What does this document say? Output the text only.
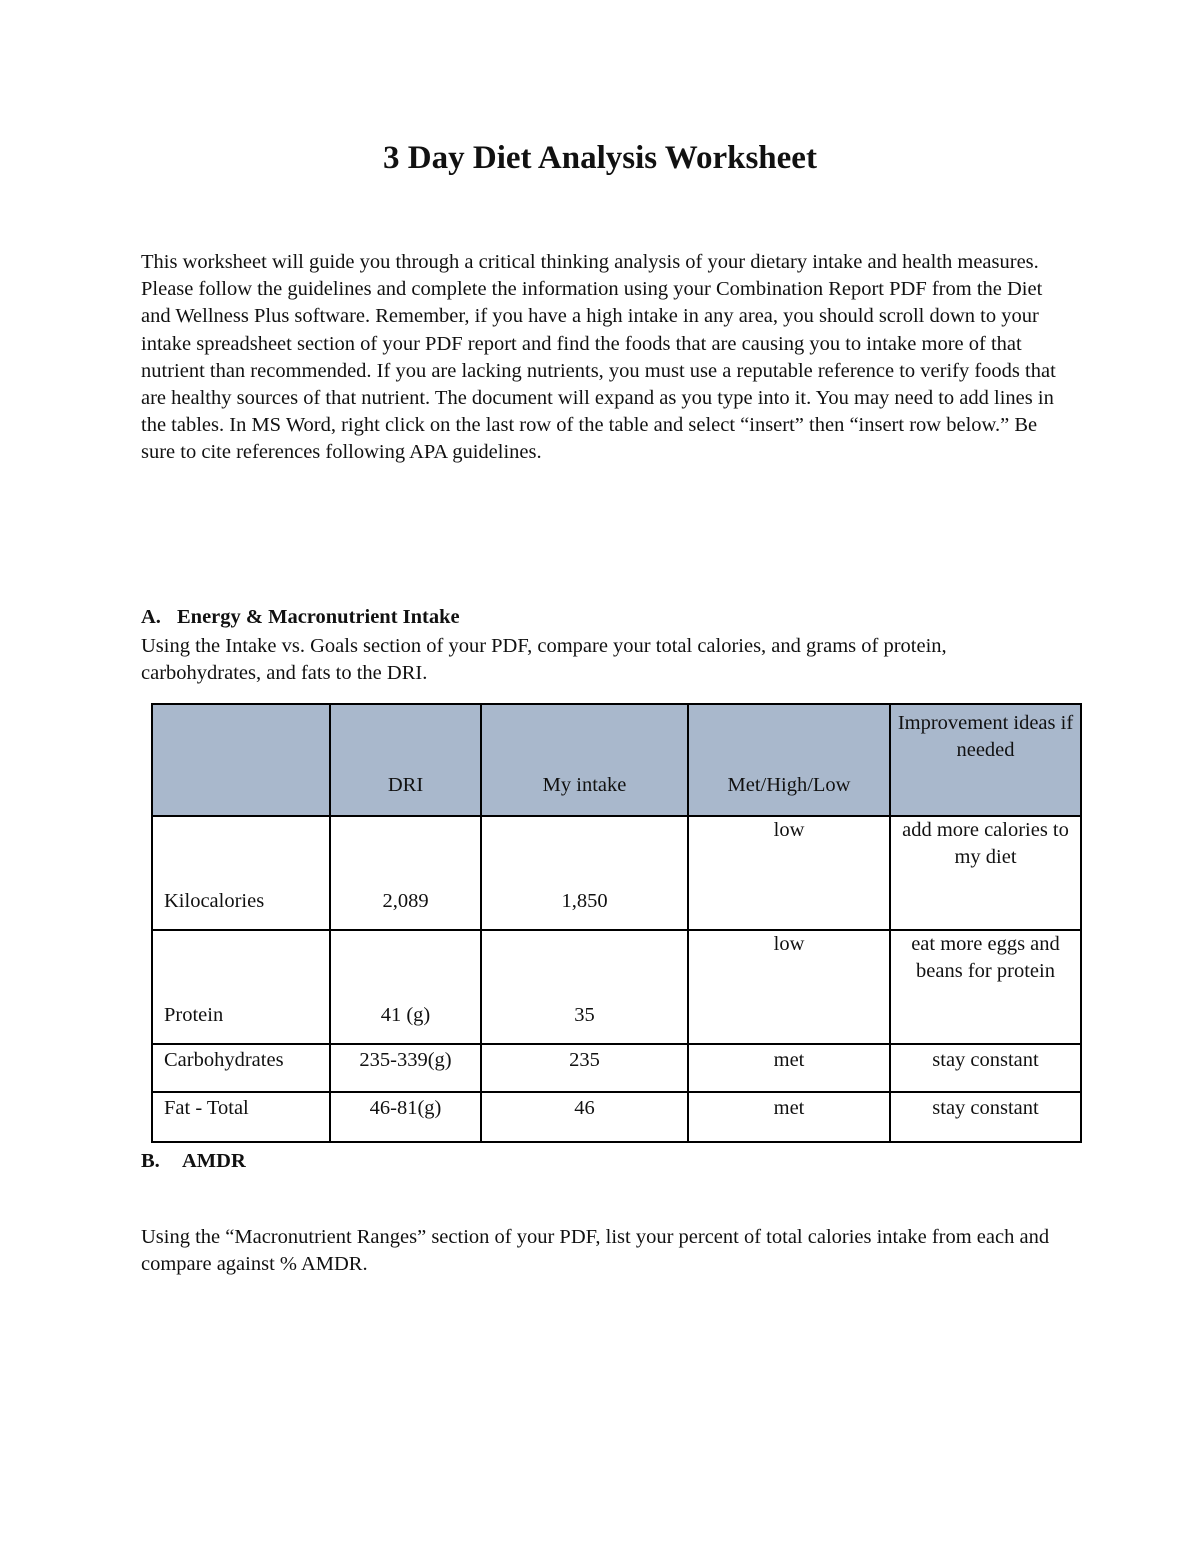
3 Day Diet Analysis Worksheet

This worksheet will guide you through a critical thinking analysis of your dietary intake and health measures. Please follow the guidelines and complete the information using your Combination Report PDF from the Diet and Wellness Plus software. Remember, if you have a high intake in any area, you should scroll down to your intake spreadsheet section of your PDF report and find the foods that are causing you to intake more of that nutrient than recommended. If you are lacking nutrients, you must use a reputable reference to verify foods that are healthy sources of that nutrient. The document will expand as you type into it. You may need to add lines in the tables. In MS Word, right click on the last row of the table and select “insert” then “insert row below.” Be sure to cite references following APA guidelines.

A. Energy & Macronutrient Intake

Using the Intake vs. Goals section of your PDF, compare your total calories, and grams of protein, carbohydrates, and fats to the DRI.

	DRI	My intake	Met/High/Low	Improvement ideas if needed
Kilocalories	2,089	1,850	low	add more calories to my diet
Protein	41 (g)	35	low	eat more eggs and beans for protein
Carbohydrates	235-339(g)	235	met	stay constant
Fat - Total	46-81(g)	46	met	stay constant

B. AMDR

Using the “Macronutrient Ranges” section of your PDF, list your percent of total calories intake from each and compare against % AMDR.
